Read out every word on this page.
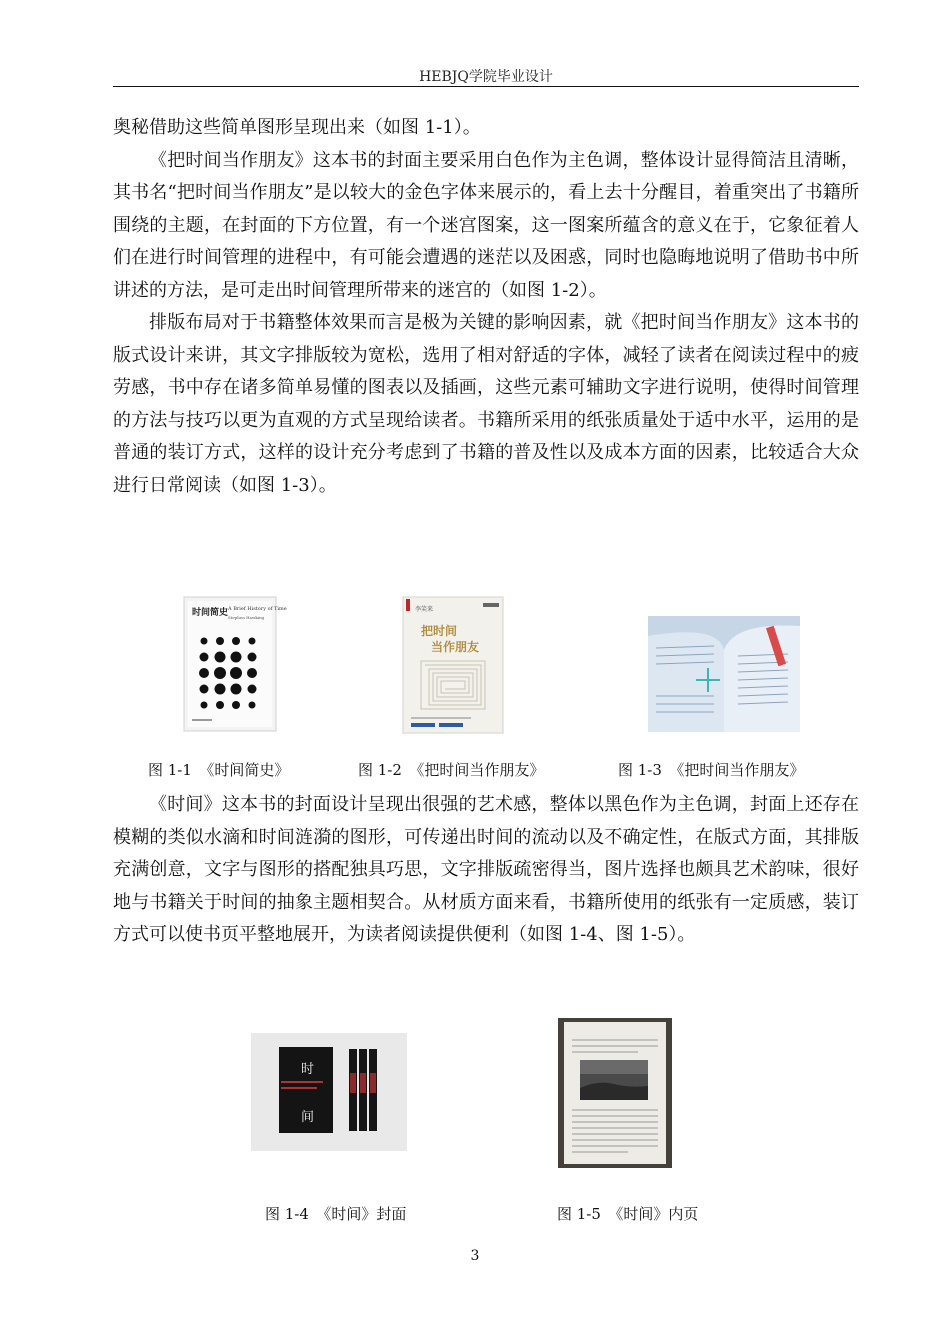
HEBJQ学院毕业设计

奥秘借助这些简单图形呈现出来（如图 1-1）。

《把时间当作朋友》这本书的封面主要采用白色作为主色调，整体设计显得简洁且清晰，其书名“把时间当作朋友”是以较大的金色字体来展示的，看上去十分醒目，着重突出了书籍所围绕的主题，在封面的下方位置，有一个迷宫图案，这一图案所蕴含的意义在于，它象征着人们在进行时间管理的进程中，有可能会遭遇的迷茫以及困惑，同时也隐晦地说明了借助书中所讲述的方法，是可走出时间管理所带来的迷宫的（如图 1-2）。

排版布局对于书籍整体效果而言是极为关键的影响因素，就《把时间当作朋友》这本书的版式设计来讲，其文字排版较为宽松，选用了相对舒适的字体，减轻了读者在阅读过程中的疲劳感，书中存在诸多简单易懂的图表以及插画，这些元素可辅助文字进行说明，使得时间管理的方法与技巧以更为直观的方式呈现给读者。书籍所采用的纸张质量处于适中水平，运用的是普通的装订方式，这样的设计充分考虑到了书籍的普及性以及成本方面的因素，比较适合大众进行日常阅读（如图 1-3）。

时间简史 A Brief History of Time
Stephen Hawking
李笑来
把时间
当作朋友
图 1-1　《时间简史》	图 1-2　《把时间当作朋友》	图 1-3　《把时间当作朋友》

《时间》这本书的封面设计呈现出很强的艺术感，整体以黑色作为主色调，封面上还存在模糊的类似水滴和时间涟漪的图形，可传递出时间的流动以及不确定性，在版式方面，其排版充满创意，文字与图形的搭配独具巧思，文字排版疏密得当，图片选择也颇具艺术韵味，很好地与书籍关于时间的抽象主题相契合。从材质方面来看，书籍所使用的纸张有一定质感，装订方式可以使书页平整地展开，为读者阅读提供便利（如图 1-4、图 1-5）。

时
间
图 1-4　《时间》封面	图 1-5　《时间》内页
3
